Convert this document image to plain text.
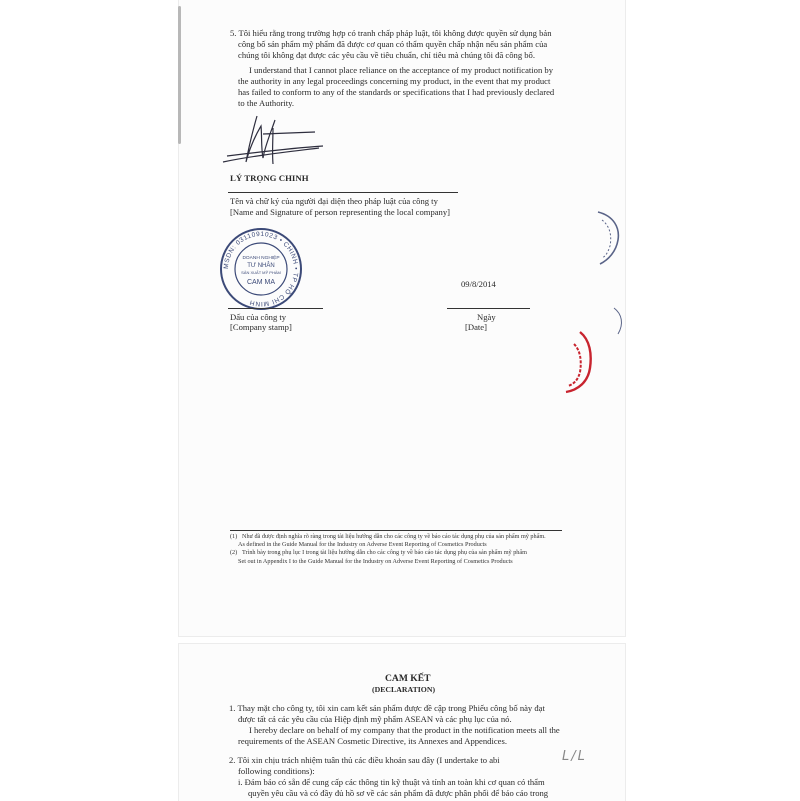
5. Tôi hiểu rằng trong trường hợp có tranh chấp pháp luật, tôi không được quyền sử dụng bản
công bố sản phẩm mỹ phẩm đã được cơ quan có thẩm quyền chấp nhận nếu sản phẩm của
chúng tôi không đạt được các yêu cầu về tiêu chuẩn, chỉ tiêu mà chúng tôi đã công bố.
I understand that I cannot place reliance on the acceptance of my product notification by
the authority in any legal proceedings concerning my product, in the event that my product
has failed to conform to any of the standards or specifications that I had previously declared
to the Authority.
LÝ TRỌNG CHINH
Tên và chữ ký của người đại diện theo pháp luật của công ty
[Name and Signature of person representing the local company]
MSDN: 0311091023 • CHINH • TP HỒ CHÍ MINH
DOANH NGHIỆP
TƯ NHÂN
SẢN XUẤT MỸ PHẨM
CAM MA	09/8/2014
Dấu của công ty
[Company stamp]
Ngày
[Date]
(1) Như đã được định nghĩa rõ ràng trong tài liệu hướng dẫn cho các công ty về báo cáo tác dụng phụ của sản phẩm mỹ phẩm.
As defined in the Guide Manual for the Industry on Adverse Event Reporting of Cosmetics Products
(2) Trình bày trong phụ lục I trong tài liệu hướng dẫn cho các công ty về báo cáo tác dụng phụ của sản phẩm mỹ phẩm
Set out in Appendix I to the Guide Manual for the Industry on Adverse Event Reporting of Cosmetics Products
CAM KẾT
(DECLARATION)
1. Thay mặt cho công ty, tôi xin cam kết sản phẩm được đề cập trong Phiếu công bố này đạt
được tất cả các yêu cầu của Hiệp định mỹ phẩm ASEAN và các phụ lục của nó.
I hereby declare on behalf of my company that the product in the notification meets all the
requirements of the ASEAN Cosmetic Directive, its Annexes and Appendices.
2. Tôi xin chịu trách nhiệm tuân thủ các điều khoản sau đây (I undertake to abi
following conditions):
i. Đảm bảo có sẵn để cung cấp các thông tin kỹ thuật và tính an toàn khi cơ quan có thẩm
quyền yêu cầu và có đầy đủ hồ sơ về các sản phẩm đã được phân phối để báo cáo trong
L/L
